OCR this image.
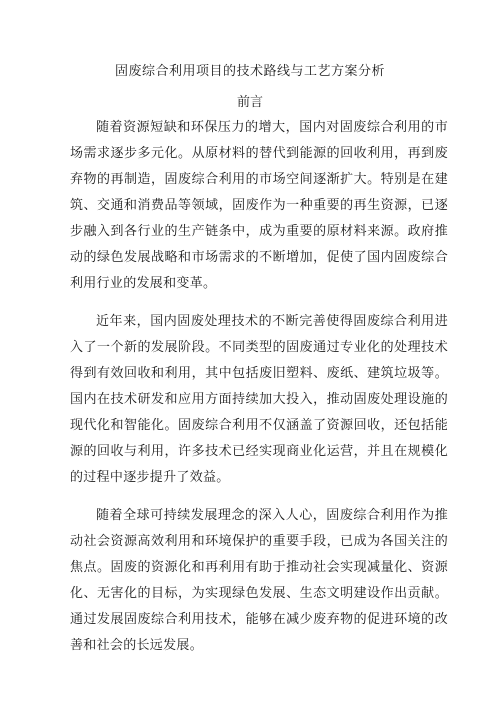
固废综合利用项目的技术路线与工艺方案分析
前言

随着资源短缺和环保压力的增大，国内对固废综合利用的市场需求逐步多元化。从原材料的替代到能源的回收利用，再到废弃物的再制造，固废综合利用的市场空间逐渐扩大。特别是在建筑、交通和消费品等领域，固废作为一种重要的再生资源，已逐步融入到各行业的生产链条中，成为重要的原材料来源。政府推动的绿色发展战略和市场需求的不断增加，促使了国内固废综合利用行业的发展和变革。

近年来，国内固废处理技术的不断完善使得固废综合利用进入了一个新的发展阶段。不同类型的固废通过专业化的处理技术得到有效回收和利用，其中包括废旧塑料、废纸、建筑垃圾等。国内在技术研发和应用方面持续加大投入，推动固废处理设施的现代化和智能化。固废综合利用不仅涵盖了资源回收，还包括能源的回收与利用，许多技术已经实现商业化运营，并且在规模化的过程中逐步提升了效益。

随着全球可持续发展理念的深入人心，固废综合利用作为推动社会资源高效利用和环境保护的重要手段，已成为各国关注的焦点。固废的资源化和再利用有助于推动社会实现减量化、资源化、无害化的目标，为实现绿色发展、生态文明建设作出贡献。通过发展固废综合利用技术，能够在减少废弃物的促进环境的改善和社会的长远发展。
